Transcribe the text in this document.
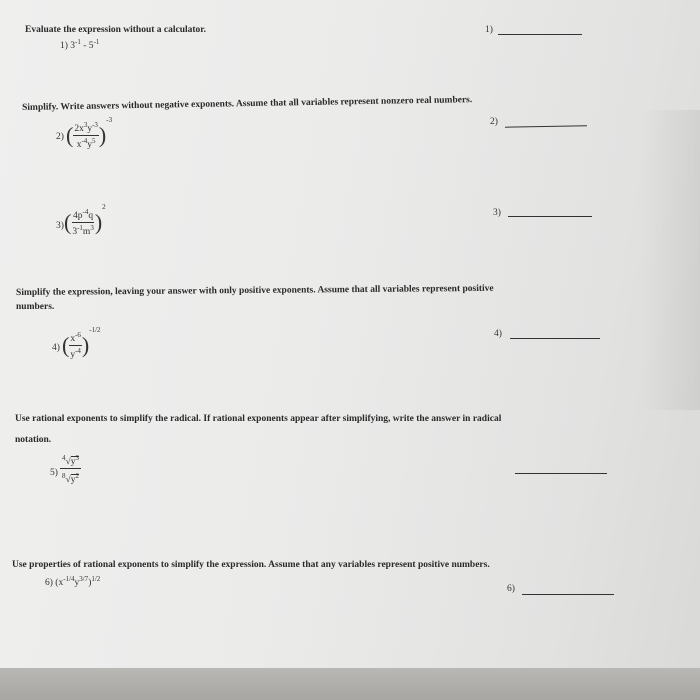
Evaluate the expression without a calculator.
1) $3^{-1} - 5^{-1}$
1)
Simplify. Write answers without negative exponents. Assume that all variables represent nonzero real numbers.
2) ( $\frac{2x^3y^{-3}}{x^{-4}y^5} )^{-3}$	2)
3) ( $\frac{4p^{-4}q}{3^{-1}m^3} )^2$
3)
Simplify the expression, leaving your answer with only positive exponents. Assume that all variables represent positive
numbers.
4) ( $\frac{x^{-6}}{y^{-4}} )^{-1/2}$	4)
Use rational exponents to simplify the radical. If rational exponents appear after simplifying, write the answer in radical
notation.
$5) \frac{^4√y^3}{^8√y^2}$
Use properties of rational exponents to simplify the expression. Assume that any variables represent positive numbers.
6) $(x^{-1/4}y^{3/7})^{1/2}$
6)
